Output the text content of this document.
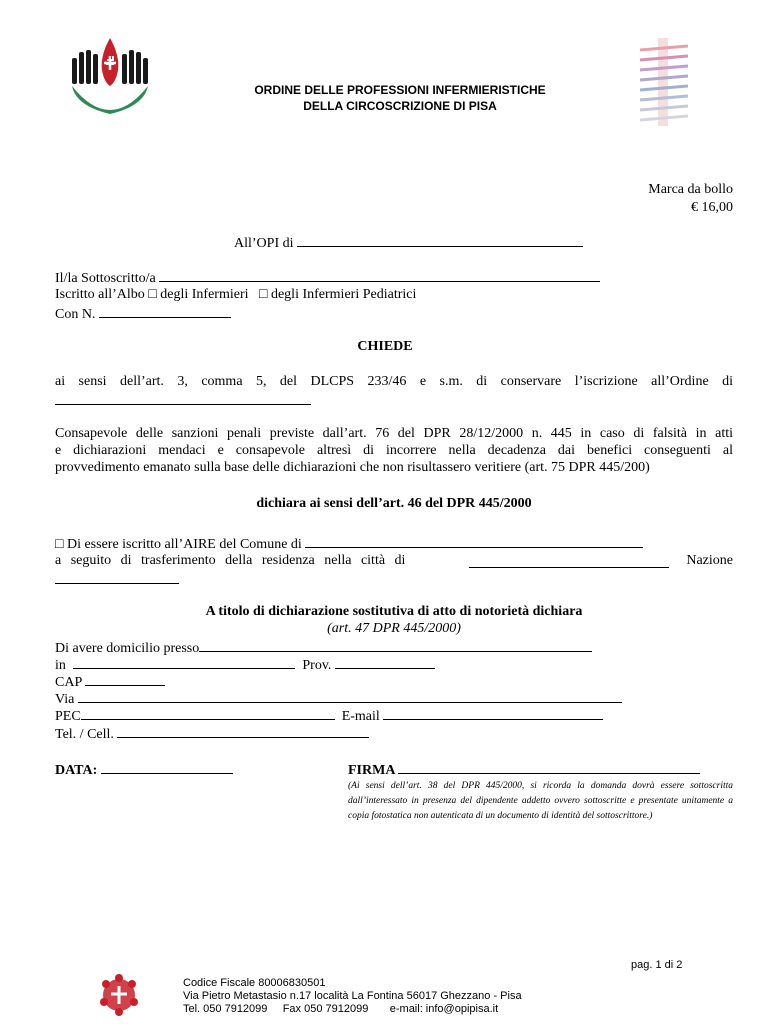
ORDINE DELLE PROFESSIONI INFERMIERISTICHE
DELLA CIRCOSCRIZIONE DI PISA
Marca da bollo
€ 16,00
All’OPI di
Il/la Sottoscritto/a
Iscritto all’Albo □ degli Infermieri □ degli Infermieri Pediatrici
Con N.
CHIEDE
ai sensi dell’art. 3, comma 5, del DLCPS 233/46 e s.m. di conservare l’iscrizione all’Ordine di
Consapevole delle sanzioni penali previste dall’art. 76 del DPR 28/12/2000 n. 445 in caso di falsità in atti
e dichiarazioni mendaci e consapevole altresì di incorrere nella decadenza dai benefici conseguenti al
provvedimento emanato sulla base delle dichiarazioni che non risultassero veritiere (art. 75 DPR 445/200)
dichiara ai sensi dell’art. 46 del DPR 445/2000
□ Di essere iscritto all’AIRE del Comune di
a seguito di trasferimento della residenza nella città di	Nazione
A titolo di dichiarazione sostitutiva di atto di notorietà dichiara
(art. 47 DPR 445/2000)
Di avere domicilio presso
in	Prov.
CAP
Via
PEC	E-mail
Tel. / Cell.
DATA:	FIRMA
(Ai sensi dell’art. 38 del DPR 445/2000, si ricorda la domanda dovrà essere sottoscritta dall’interessato in presenza del dipendente addetto ovvero sottoscritte e presentate unitamente a copia fotostatica non autenticata di un documento di identità del sottoscrittore.)
pag. 1 di 2
Codice Fiscale 80006830501
Via Pietro Metastasio n.17 località La Fontina 56017 Ghezzano - Pisa
Tel. 050 7912099 Fax 050 7912099 e-mail: info@opipisa.it
